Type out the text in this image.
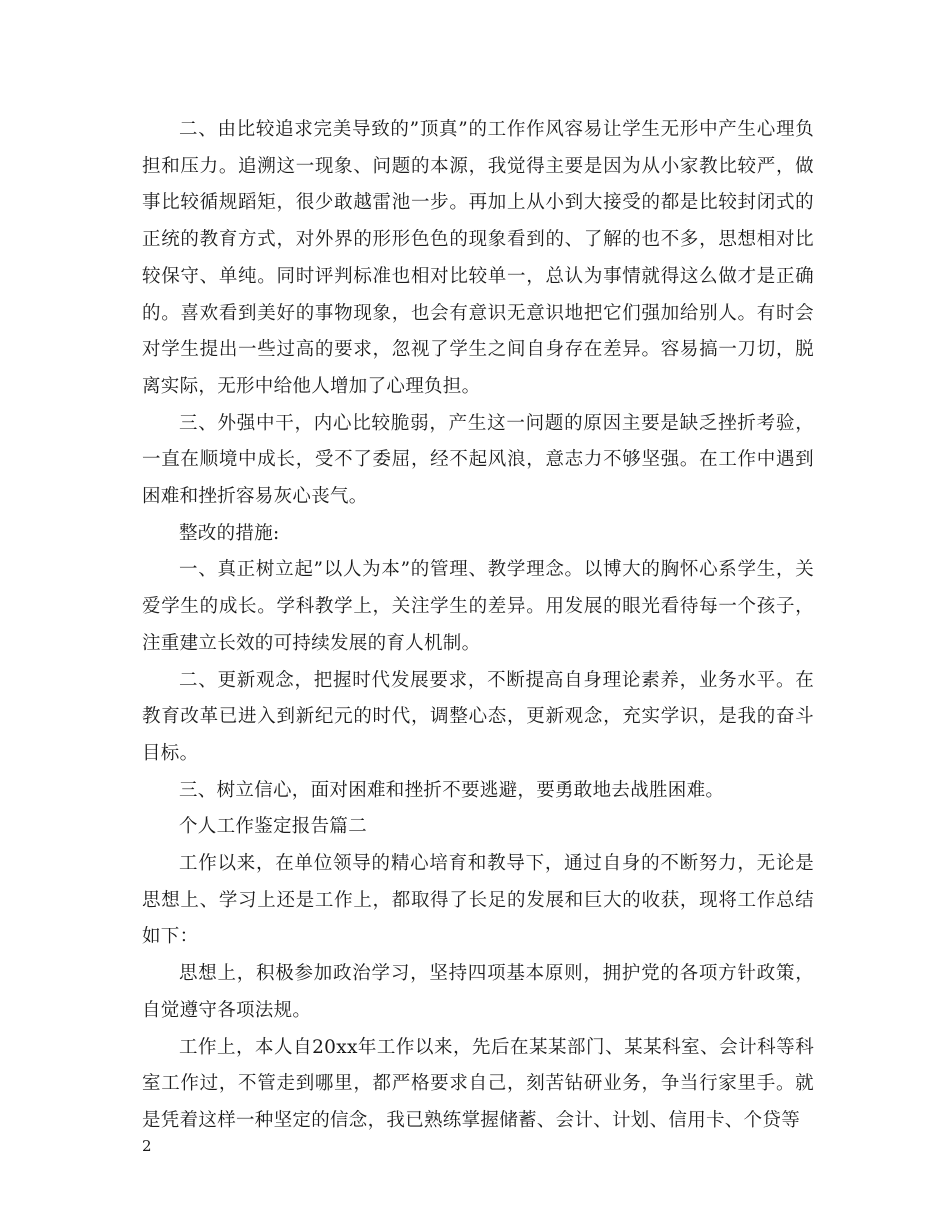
二、由比较追求完美导致的”顶真”的工作作风容易让学生无形中产生心理负担和压力。追溯这一现象、问题的本源，我觉得主要是因为从小家教比较严，做事比较循规蹈矩，很少敢越雷池一步。再加上从小到大接受的都是比较封闭式的正统的教育方式，对外界的形形色色的现象看到的、了解的也不多，思想相对比较保守、单纯。同时评判标准也相对比较单一，总认为事情就得这么做才是正确的。喜欢看到美好的事物现象，也会有意识无意识地把它们强加给别人。有时会对学生提出一些过高的要求，忽视了学生之间自身存在差异。容易搞一刀切，脱离实际，无形中给他人增加了心理负担。

三、外强中干，内心比较脆弱，产生这一问题的原因主要是缺乏挫折考验，一直在顺境中成长，受不了委屈，经不起风浪，意志力不够坚强。在工作中遇到困难和挫折容易灰心丧气。

整改的措施:

一、真正树立起”以人为本”的管理、教学理念。以博大的胸怀心系学生，关爱学生的成长。学科教学上，关注学生的差异。用发展的眼光看待每一个孩子，注重建立长效的可持续发展的育人机制。

二、更新观念，把握时代发展要求，不断提高自身理论素养，业务水平。在教育改革已进入到新纪元的时代，调整心态，更新观念，充实学识，是我的奋斗目标。

三、树立信心，面对困难和挫折不要逃避，要勇敢地去战胜困难。

个人工作鉴定报告篇二

工作以来，在单位领导的精心培育和教导下，通过自身的不断努力，无论是思想上、学习上还是工作上，都取得了长足的发展和巨大的收获，现将工作总结如下：

思想上，积极参加政治学习，坚持四项基本原则，拥护党的各项方针政策，自觉遵守各项法规。

工作上，本人自20xx年工作以来，先后在某某部门、某某科室、会计科等科室工作过，不管走到哪里，都严格要求自己，刻苦钻研业务，争当行家里手。就是凭着这样一种坚定的信念，我已熟练掌握储蓄、会计、计划、信用卡、个贷等

2
